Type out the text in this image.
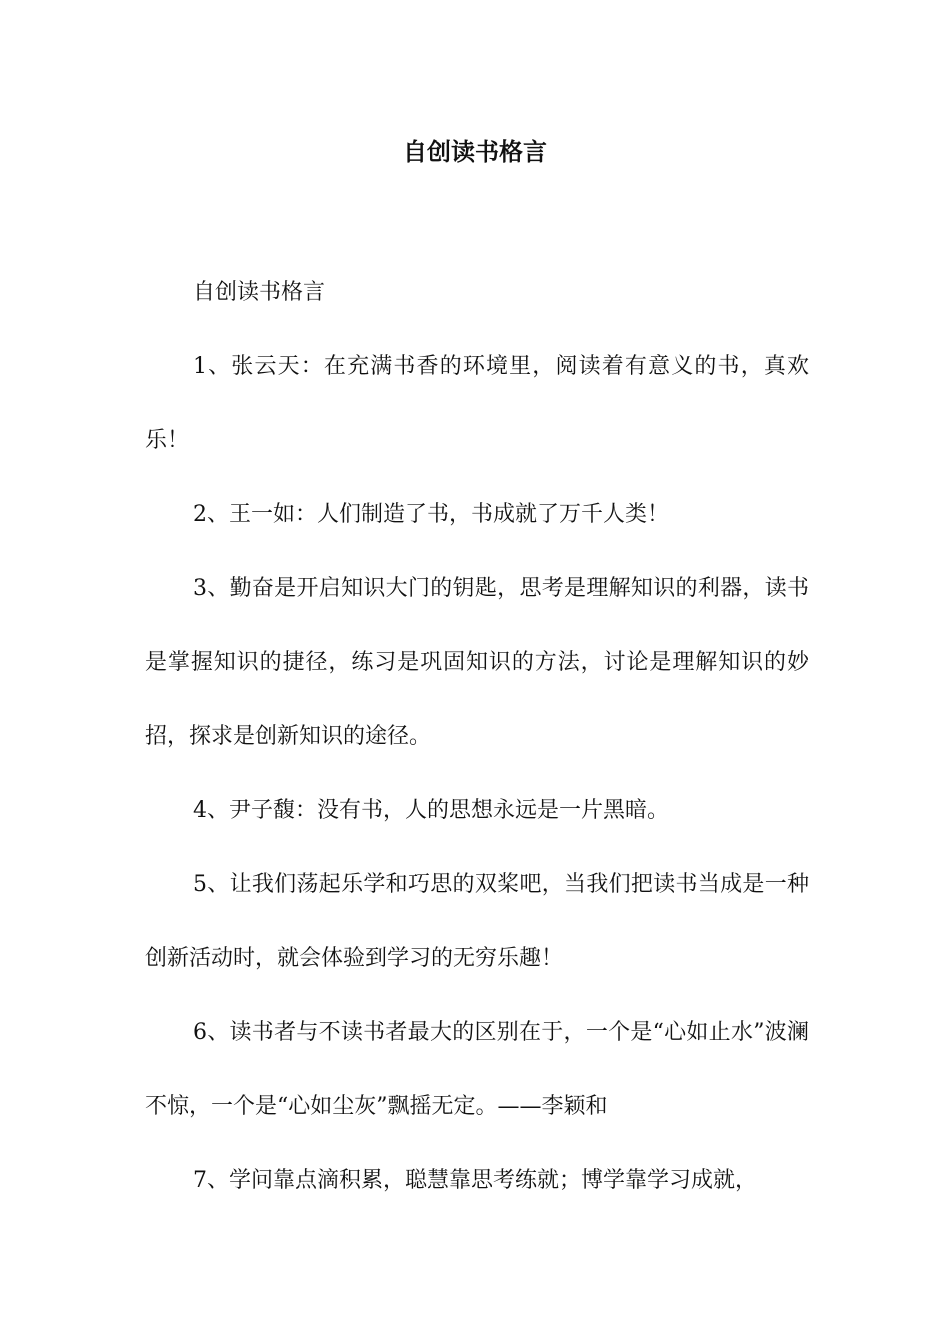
自创读书格言

自创读书格言

1、张云天：在充满书香的环境里，阅读着有意义的书，真欢乐！

2、王一如：人们制造了书，书成就了万千人类！

3、勤奋是开启知识大门的钥匙，思考是理解知识的利器，读书是掌握知识的捷径，练习是巩固知识的方法，讨论是理解知识的妙招，探求是创新知识的途径。

4、尹子馥：没有书，人的思想永远是一片黑暗。

5、让我们荡起乐学和巧思的双桨吧，当我们把读书当成是一种创新活动时，就会体验到学习的无穷乐趣！

6、读书者与不读书者最大的区别在于，一个是“心如止水”波澜不惊，一个是“心如尘灰”飘摇无定。——李颖和

7、学问靠点滴积累，聪慧靠思考练就；博学靠学习成就，
